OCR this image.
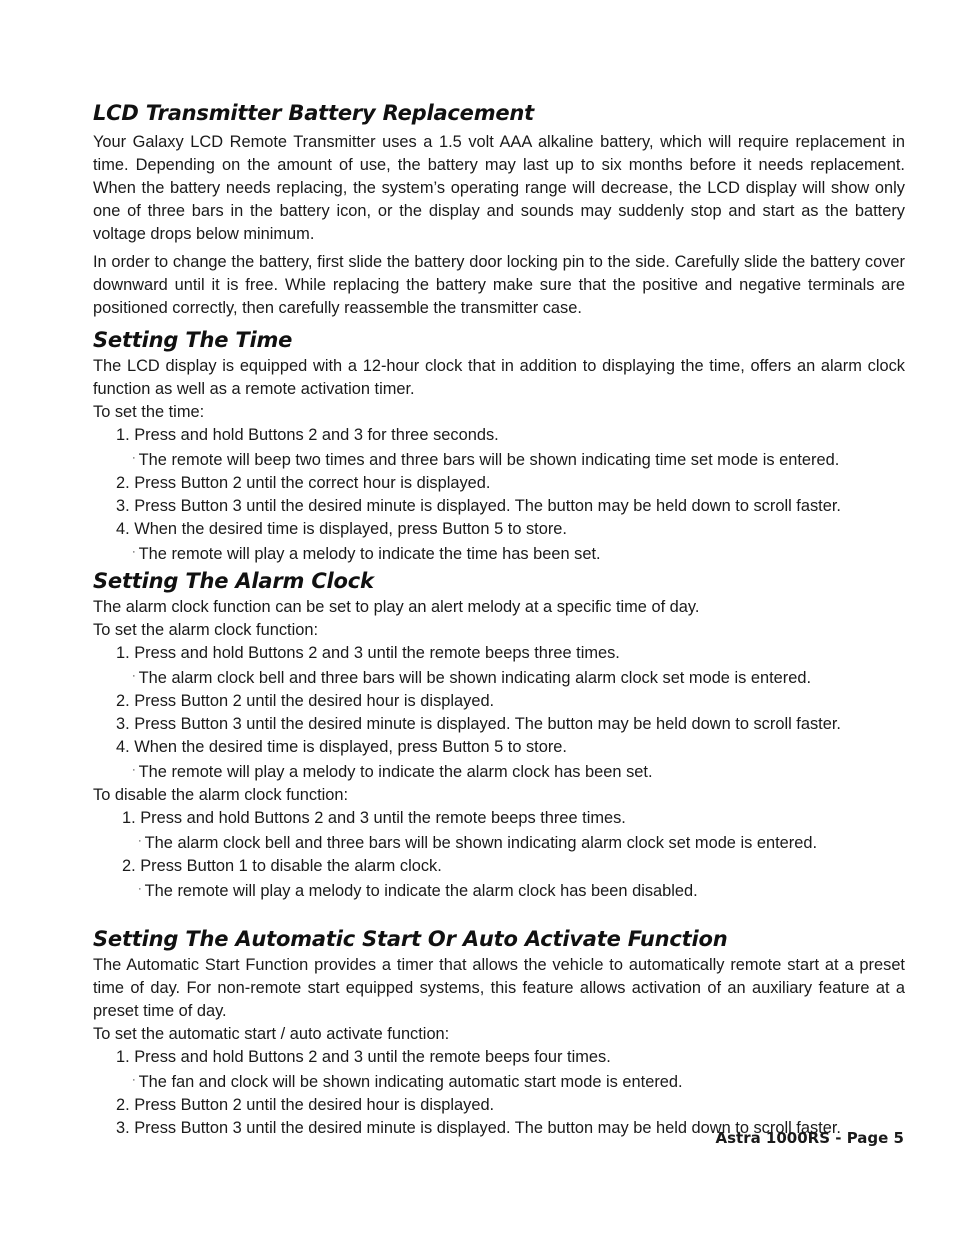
LCD Transmitter Battery Replacement

Your Galaxy LCD Remote Transmitter uses a 1.5 volt AAA alkaline battery, which will require replacement in time. Depending on the amount of use, the battery may last up to six months before it needs replacement. When the battery needs replacing, the system’s operating range will decrease, the LCD display will show only one of three bars in the battery icon, or the display and sounds may suddenly stop and start as the battery voltage drops below minimum.

In order to change the battery, first slide the battery door locking pin to the side. Carefully slide the battery cover downward until it is free. While replacing the battery make sure that the positive and negative terminals are positioned correctly, then carefully reassemble the transmitter case.

Setting The Time

The LCD display is equipped with a 12-hour clock that in addition to displaying the time, offers an alarm clock function as well as a remote activation timer.

To set the time:
1. Press and hold Buttons 2 and 3 for three seconds.
· The remote will beep two times and three bars will be shown indicating time set mode is entered.
2. Press Button 2 until the correct hour is displayed.
3. Press Button 3 until the desired minute is displayed. The button may be held down to scroll faster.
4. When the desired time is displayed, press Button 5 to store.
· The remote will play a melody to indicate the time has been set.
Setting The Alarm Clock
The alarm clock function can be set to play an alert melody at a specific time of day.
To set the alarm clock function:
1. Press and hold Buttons 2 and 3 until the remote beeps three times.
· The alarm clock bell and three bars will be shown indicating alarm clock set mode is entered.
2. Press Button 2 until the desired hour is displayed.
3. Press Button 3 until the desired minute is displayed. The button may be held down to scroll faster.
4. When the desired time is displayed, press Button 5 to store.
· The remote will play a melody to indicate the alarm clock has been set.
To disable the alarm clock function:
1. Press and hold Buttons 2 and 3 until the remote beeps three times.
· The alarm clock bell and three bars will be shown indicating alarm clock set mode is entered.
2. Press Button 1 to disable the alarm clock.
· The remote will play a melody to indicate the alarm clock has been disabled.
Setting The Automatic Start Or Auto Activate Function

The Automatic Start Function provides a timer that allows the vehicle to automatically remote start at a preset time of day. For non-remote start equipped systems, this feature allows activation of an auxiliary feature at a preset time of day.

To set the automatic start / auto activate function:
1. Press and hold Buttons 2 and 3 until the remote beeps four times.
· The fan and clock will be shown indicating automatic start mode is entered.
2. Press Button 2 until the desired hour is displayed.
3. Press Button 3 until the desired minute is displayed. The button may be held down to scroll faster.
Astra 1000RS - Page 5
